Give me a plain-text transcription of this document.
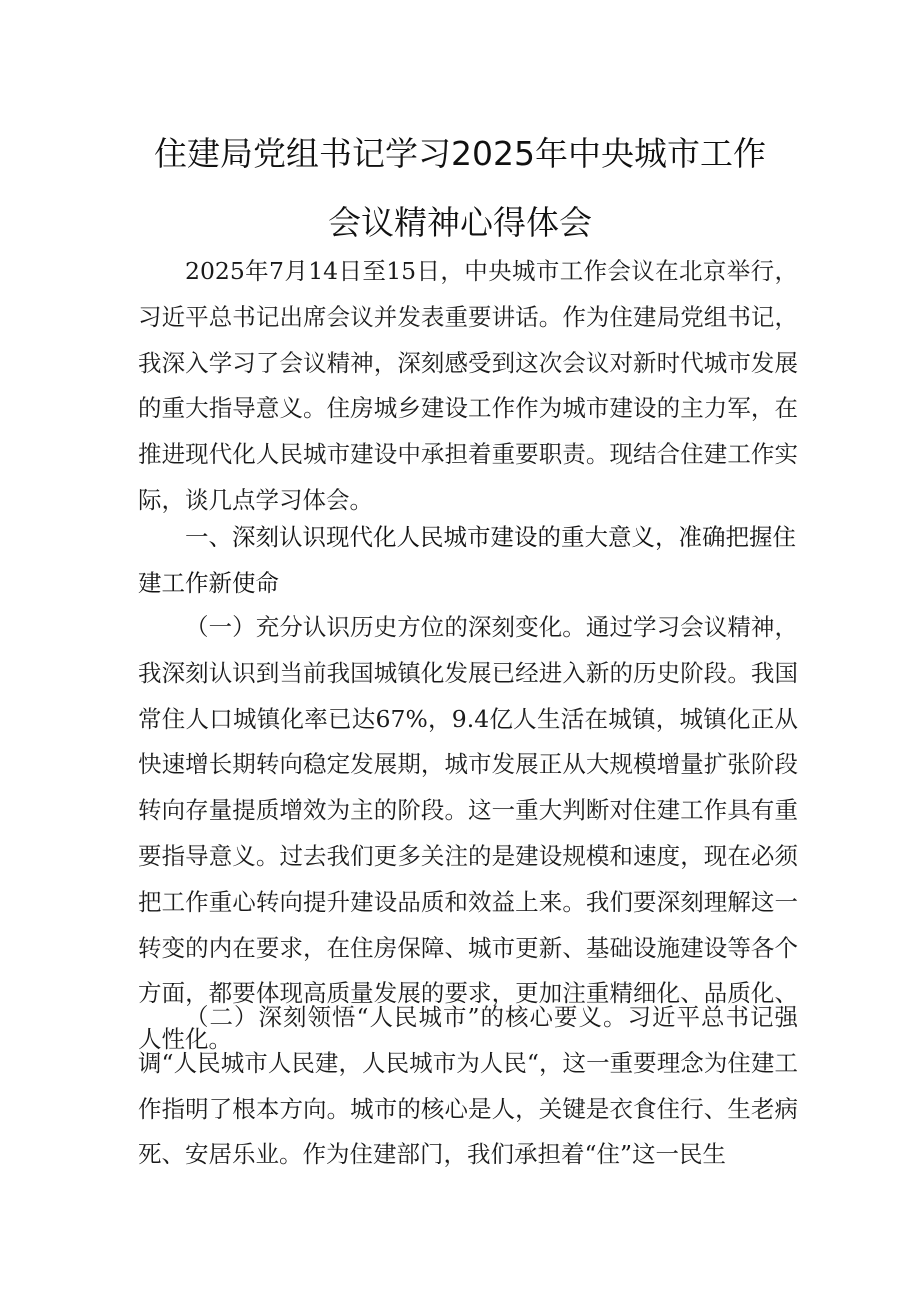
住建局党组书记学习2025年中央城市工作
会议精神心得体会

2025年7月14日至15日，中央城市工作会议在北京举行，习近平总书记出席会议并发表重要讲话。作为住建局党组书记，我深入学习了会议精神，深刻感受到这次会议对新时代城市发展的重大指导意义。住房城乡建设工作作为城市建设的主力军，在推进现代化人民城市建设中承担着重要职责。现结合住建工作实际，谈几点学习体会。

一、深刻认识现代化人民城市建设的重大意义，准确把握住建工作新使命

（一）充分认识历史方位的深刻变化。通过学习会议精神，我深刻认识到当前我国城镇化发展已经进入新的历史阶段。我国常住人口城镇化率已达67%，9.4亿人生活在城镇，城镇化正从快速增长期转向稳定发展期，城市发展正从大规模增量扩张阶段转向存量提质增效为主的阶段。这一重大判断对住建工作具有重要指导意义。过去我们更多关注的是建设规模和速度，现在必须把工作重心转向提升建设品质和效益上来。我们要深刻理解这一转变的内在要求，在住房保障、城市更新、基础设施建设等各个方面，都要体现高质量发展的要求，更加注重精细化、品质化、人性化。

（二）深刻领悟“人民城市”的核心要义。习近平总书记强调“人民城市人民建，人民城市为人民“，这一重要理念为住建工作指明了根本方向。城市的核心是人，关键是衣食住行、生老病死、安居乐业。作为住建部门，我们承担着“住”这一民生
